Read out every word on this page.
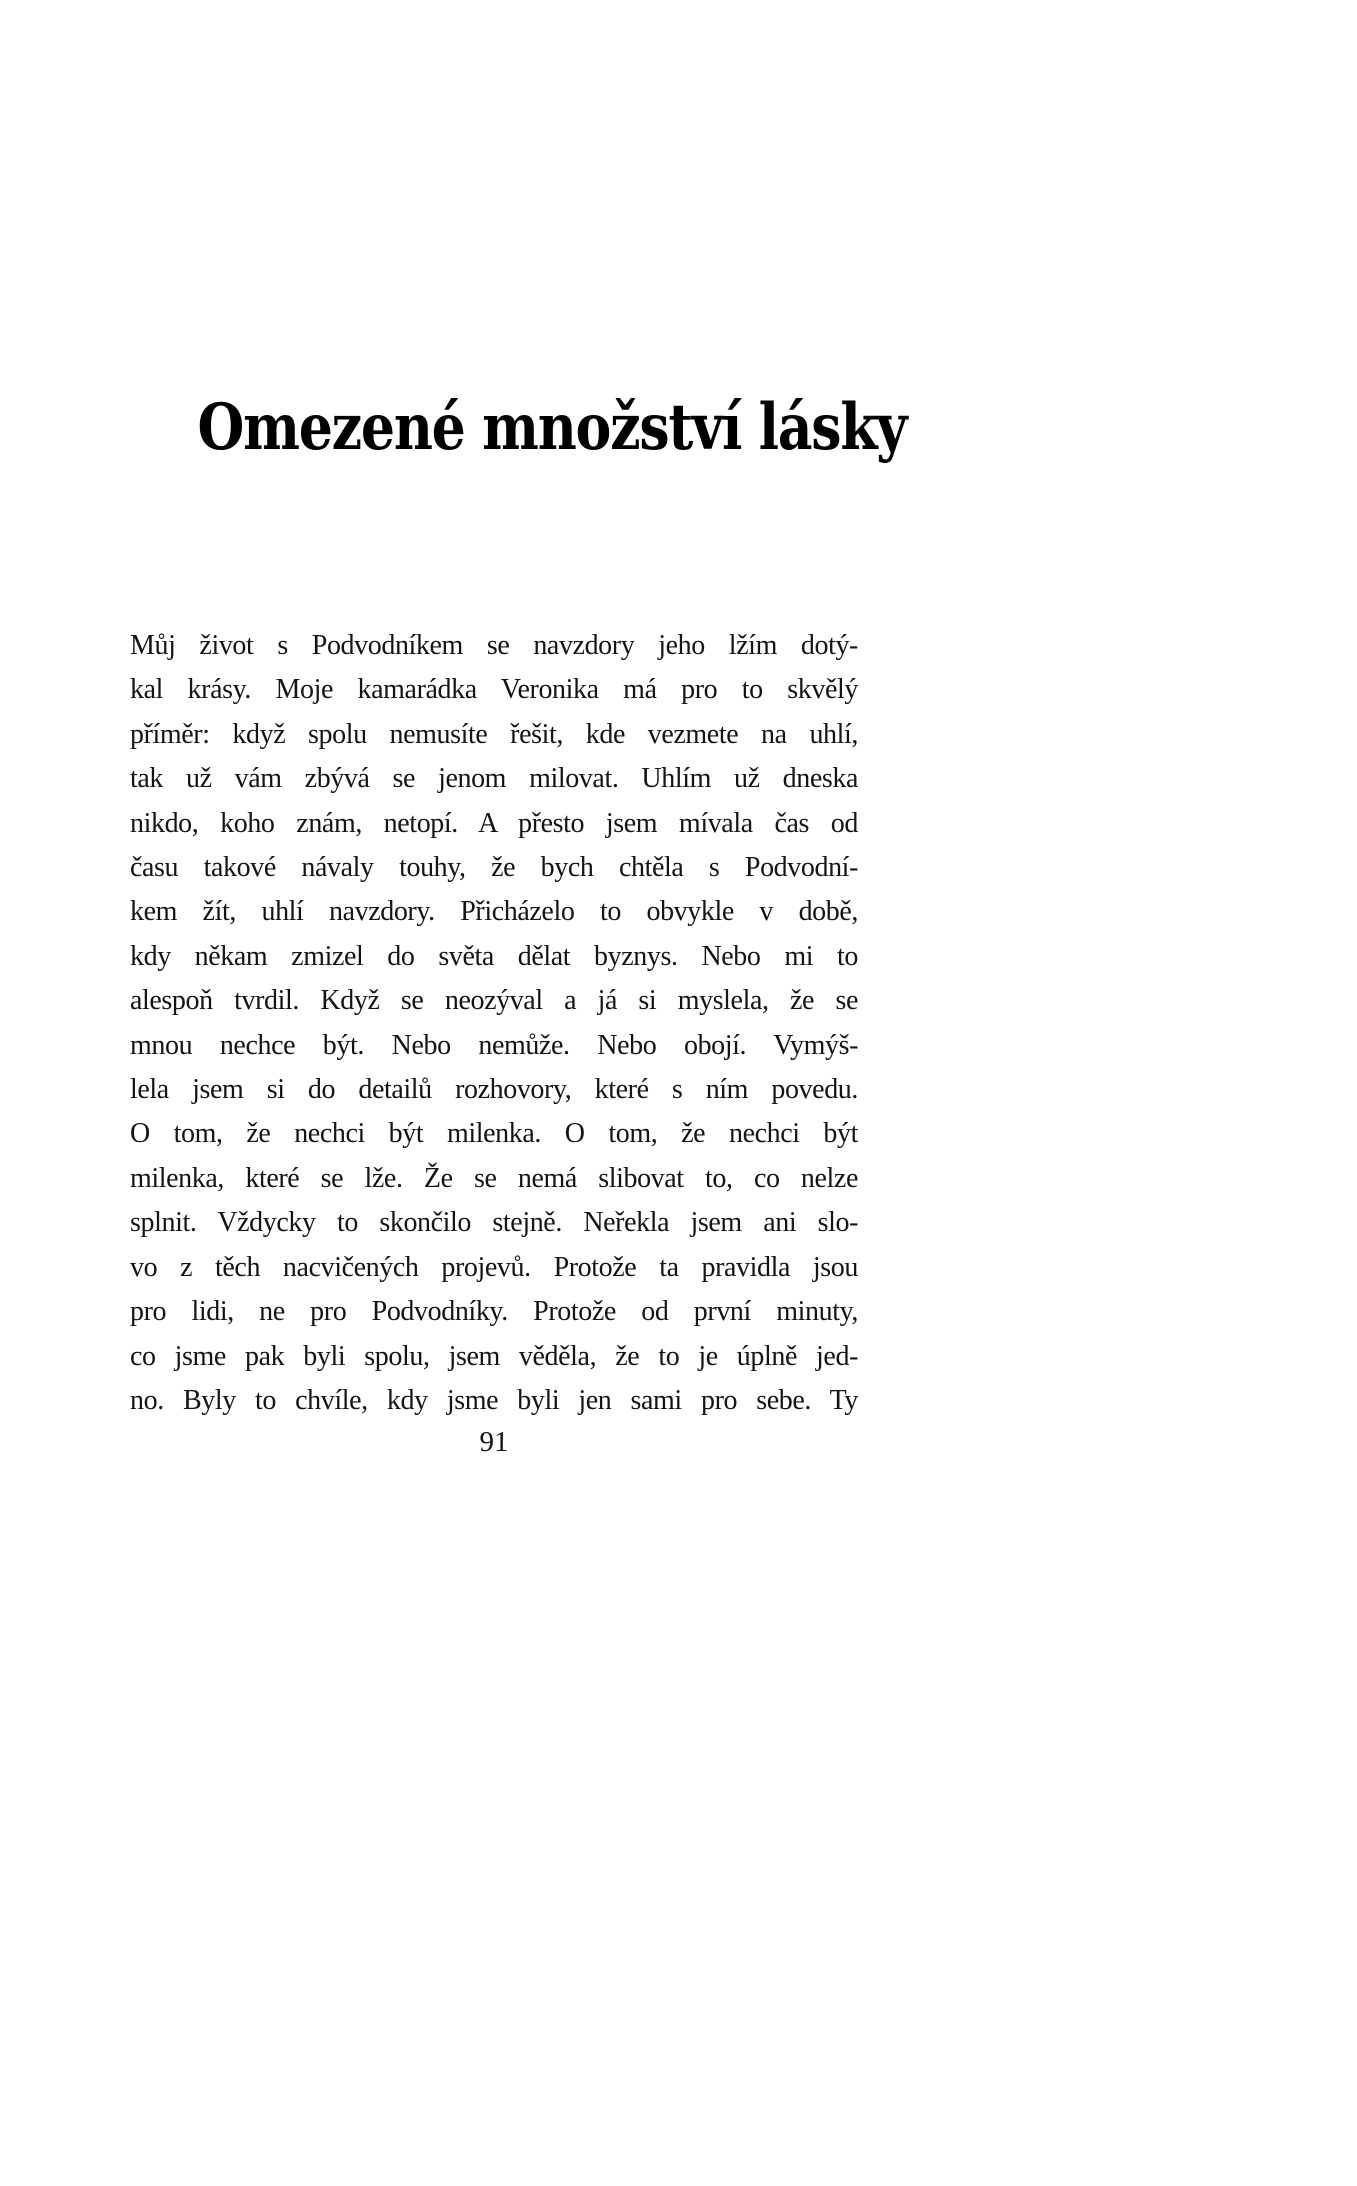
Omezené množství lásky
Můj život s Podvodníkem se navzdory jeho lžím dotý-
kal krásy. Moje kamarádka Veronika má pro to skvělý
příměr: když spolu nemusíte řešit, kde vezmete na uhlí,
tak už vám zbývá se jenom milovat. Uhlím už dneska
nikdo, koho znám, netopí. A přesto jsem mívala čas od
času takové návaly touhy, že bych chtěla s Podvodní-
kem žít, uhlí navzdory. Přicházelo to obvykle v době,
kdy někam zmizel do světa dělat byznys. Nebo mi to
alespoň tvrdil. Když se neozýval a já si myslela, že se
mnou nechce být. Nebo nemůže. Nebo obojí. Vymýš-
lela jsem si do detailů rozhovory, které s ním povedu.
O tom, že nechci být milenka. O tom, že nechci být
milenka, které se lže. Že se nemá slibovat to, co nelze
splnit. Vždycky to skončilo stejně. Neřekla jsem ani slo-
vo z těch nacvičených projevů. Protože ta pravidla jsou
pro lidi, ne pro Podvodníky. Protože od první minuty,
co jsme pak byli spolu, jsem věděla, že to je úplně jed-
no. Byly to chvíle, kdy jsme byli jen sami pro sebe. Ty
91
